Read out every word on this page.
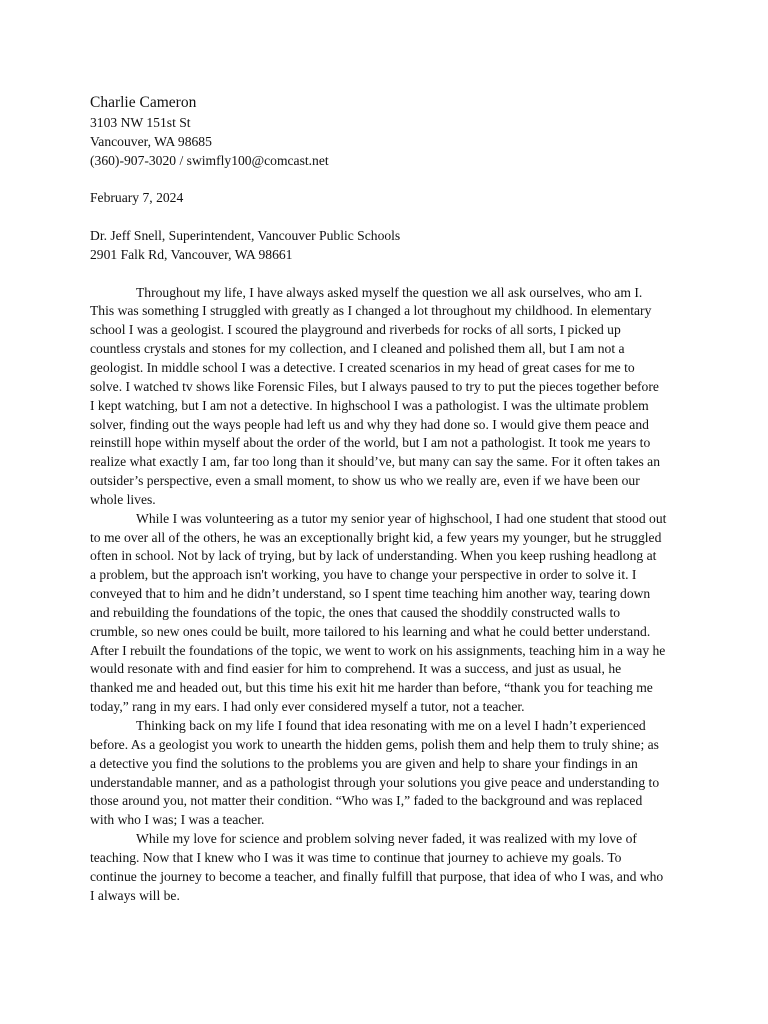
Charlie Cameron
3103 NW 151st St
Vancouver, WA 98685
(360)-907-3020 / swimfly100@comcast.net
February 7, 2024
Dr. Jeff Snell, Superintendent, Vancouver Public Schools
2901 Falk Rd, Vancouver, WA 98661
Throughout my life, I have always asked myself the question we all ask ourselves, who am I.
This was something I struggled with greatly as I changed a lot throughout my childhood. In elementary
school I was a geologist. I scoured the playground and riverbeds for rocks of all sorts, I picked up
countless crystals and stones for my collection, and I cleaned and polished them all, but I am not a
geologist. In middle school I was a detective. I created scenarios in my head of great cases for me to
solve. I watched tv shows like Forensic Files, but I always paused to try to put the pieces together before
I kept watching, but I am not a detective. In highschool I was a pathologist. I was the ultimate problem
solver, finding out the ways people had left us and why they had done so. I would give them peace and
reinstill hope within myself about the order of the world, but I am not a pathologist. It took me years to
realize what exactly I am, far too long than it should’ve, but many can say the same. For it often takes an
outsider’s perspective, even a small moment, to show us who we really are, even if we have been our
whole lives.
While I was volunteering as a tutor my senior year of highschool, I had one student that stood out
to me over all of the others, he was an exceptionally bright kid, a few years my younger, but he struggled
often in school. Not by lack of trying, but by lack of understanding. When you keep rushing headlong at
a problem, but the approach isn't working, you have to change your perspective in order to solve it. I
conveyed that to him and he didn’t understand, so I spent time teaching him another way, tearing down
and rebuilding the foundations of the topic, the ones that caused the shoddily constructed walls to
crumble, so new ones could be built, more tailored to his learning and what he could better understand.
After I rebuilt the foundations of the topic, we went to work on his assignments, teaching him in a way he
would resonate with and find easier for him to comprehend. It was a success, and just as usual, he
thanked me and headed out, but this time his exit hit me harder than before, “thank you for teaching me
today,” rang in my ears. I had only ever considered myself a tutor, not a teacher.
Thinking back on my life I found that idea resonating with me on a level I hadn’t experienced
before. As a geologist you work to unearth the hidden gems, polish them and help them to truly shine; as
a detective you find the solutions to the problems you are given and help to share your findings in an
understandable manner, and as a pathologist through your solutions you give peace and understanding to
those around you, not matter their condition. “Who was I,” faded to the background and was replaced
with who I was; I was a teacher.
While my love for science and problem solving never faded, it was realized with my love of
teaching. Now that I knew who I was it was time to continue that journey to achieve my goals. To
continue the journey to become a teacher, and finally fulfill that purpose, that idea of who I was, and who
I always will be.
